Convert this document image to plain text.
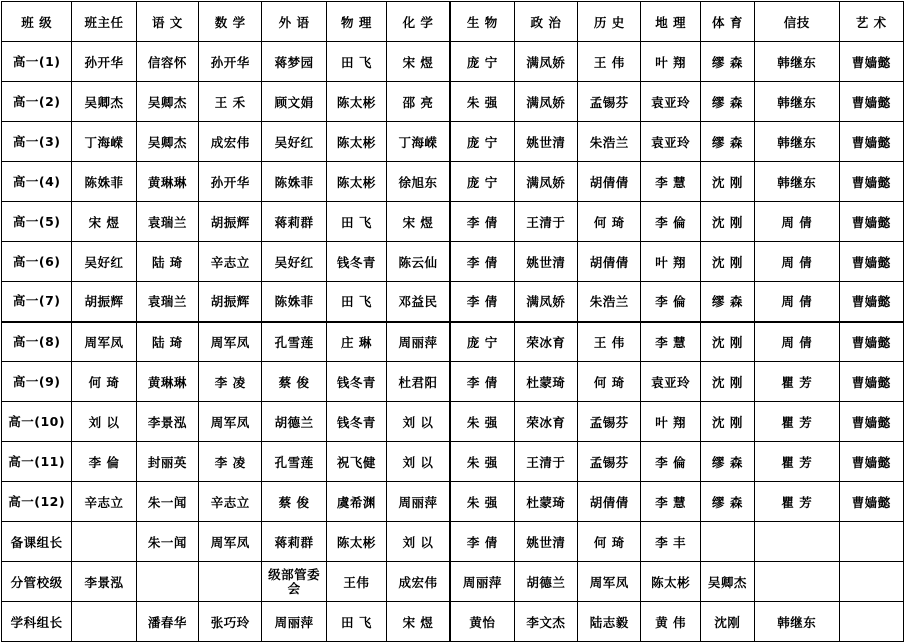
班 级	班主任	语 文	数 学	外 语	物 理	化 学	生 物	政 治	历 史	地 理	体 育	信技	艺 术
高一(1)	孙开华	信容怀	孙开华	蒋梦园	田 飞	宋 煜	庞 宁	满凤娇	王 伟	叶 翔	缪 森	韩继东	曹嫱懿
高一(2)	吴卿杰	吴卿杰	王 禾	顾文娟	陈太彬	邵 亮	朱 强	满凤娇	孟锡芬	袁亚玲	缪 森	韩继东	曹嫱懿
高一(3)	丁海嵘	吴卿杰	成宏伟	吴好红	陈太彬	丁海嵘	庞 宁	姚世清	朱浩兰	袁亚玲	缪 森	韩继东	曹嫱懿
高一(4)	陈姝菲	黄琳琳	孙开华	陈姝菲	陈太彬	徐旭东	庞 宁	满凤娇	胡倩倩	李 慧	沈 刚	韩继东	曹嫱懿
高一(5)	宋 煜	袁瑞兰	胡振辉	蒋莉群	田 飞	宋 煜	李 倩	王清于	何 琦	李 倫	沈 刚	周 倩	曹嫱懿
高一(6)	吴好红	陆 琦	辛志立	吴好红	钱冬青	陈云仙	李 倩	姚世清	胡倩倩	叶 翔	沈 刚	周 倩	曹嫱懿
高一(7)	胡振辉	袁瑞兰	胡振辉	陈姝菲	田 飞	邓益民	李 倩	满凤娇	朱浩兰	李 倫	缪 森	周 倩	曹嫱懿
高一(8)	周军凤	陆 琦	周军凤	孔雪莲	庄 琳	周丽萍	庞 宁	荣冰育	王 伟	李 慧	沈 刚	周 倩	曹嫱懿
高一(9)	何 琦	黄琳琳	李 凌	蔡 俊	钱冬青	杜君阳	李 倩	杜蒙琦	何 琦	袁亚玲	沈 刚	瞿 芳	曹嫱懿
高一(10)	刘 以	李景泓	周军凤	胡德兰	钱冬青	刘 以	朱 强	荣冰育	孟锡芬	叶 翔	沈 刚	瞿 芳	曹嫱懿
高一(11)	李 倫	封丽英	李 凌	孔雪莲	祝飞健	刘 以	朱 强	王清于	孟锡芬	李 倫	缪 森	瞿 芳	曹嫱懿
高一(12)	辛志立	朱一闻	辛志立	蔡 俊	虞希渊	周丽萍	朱 强	杜蒙琦	胡倩倩	李 慧	缪 森	瞿 芳	曹嫱懿
备课组长		朱一闻	周军凤	蒋莉群	陈太彬	刘 以	李 倩	姚世清	何 琦	李 丰			
分管校级	李景泓			级部管委会	王伟	成宏伟	周丽萍	胡德兰	周军凤	陈太彬	吴卿杰		
学科组长		潘春华	张巧玲	周丽萍	田 飞	宋 煜	黄怡	李文杰	陆志毅	黄 伟	沈刚	韩继东	
